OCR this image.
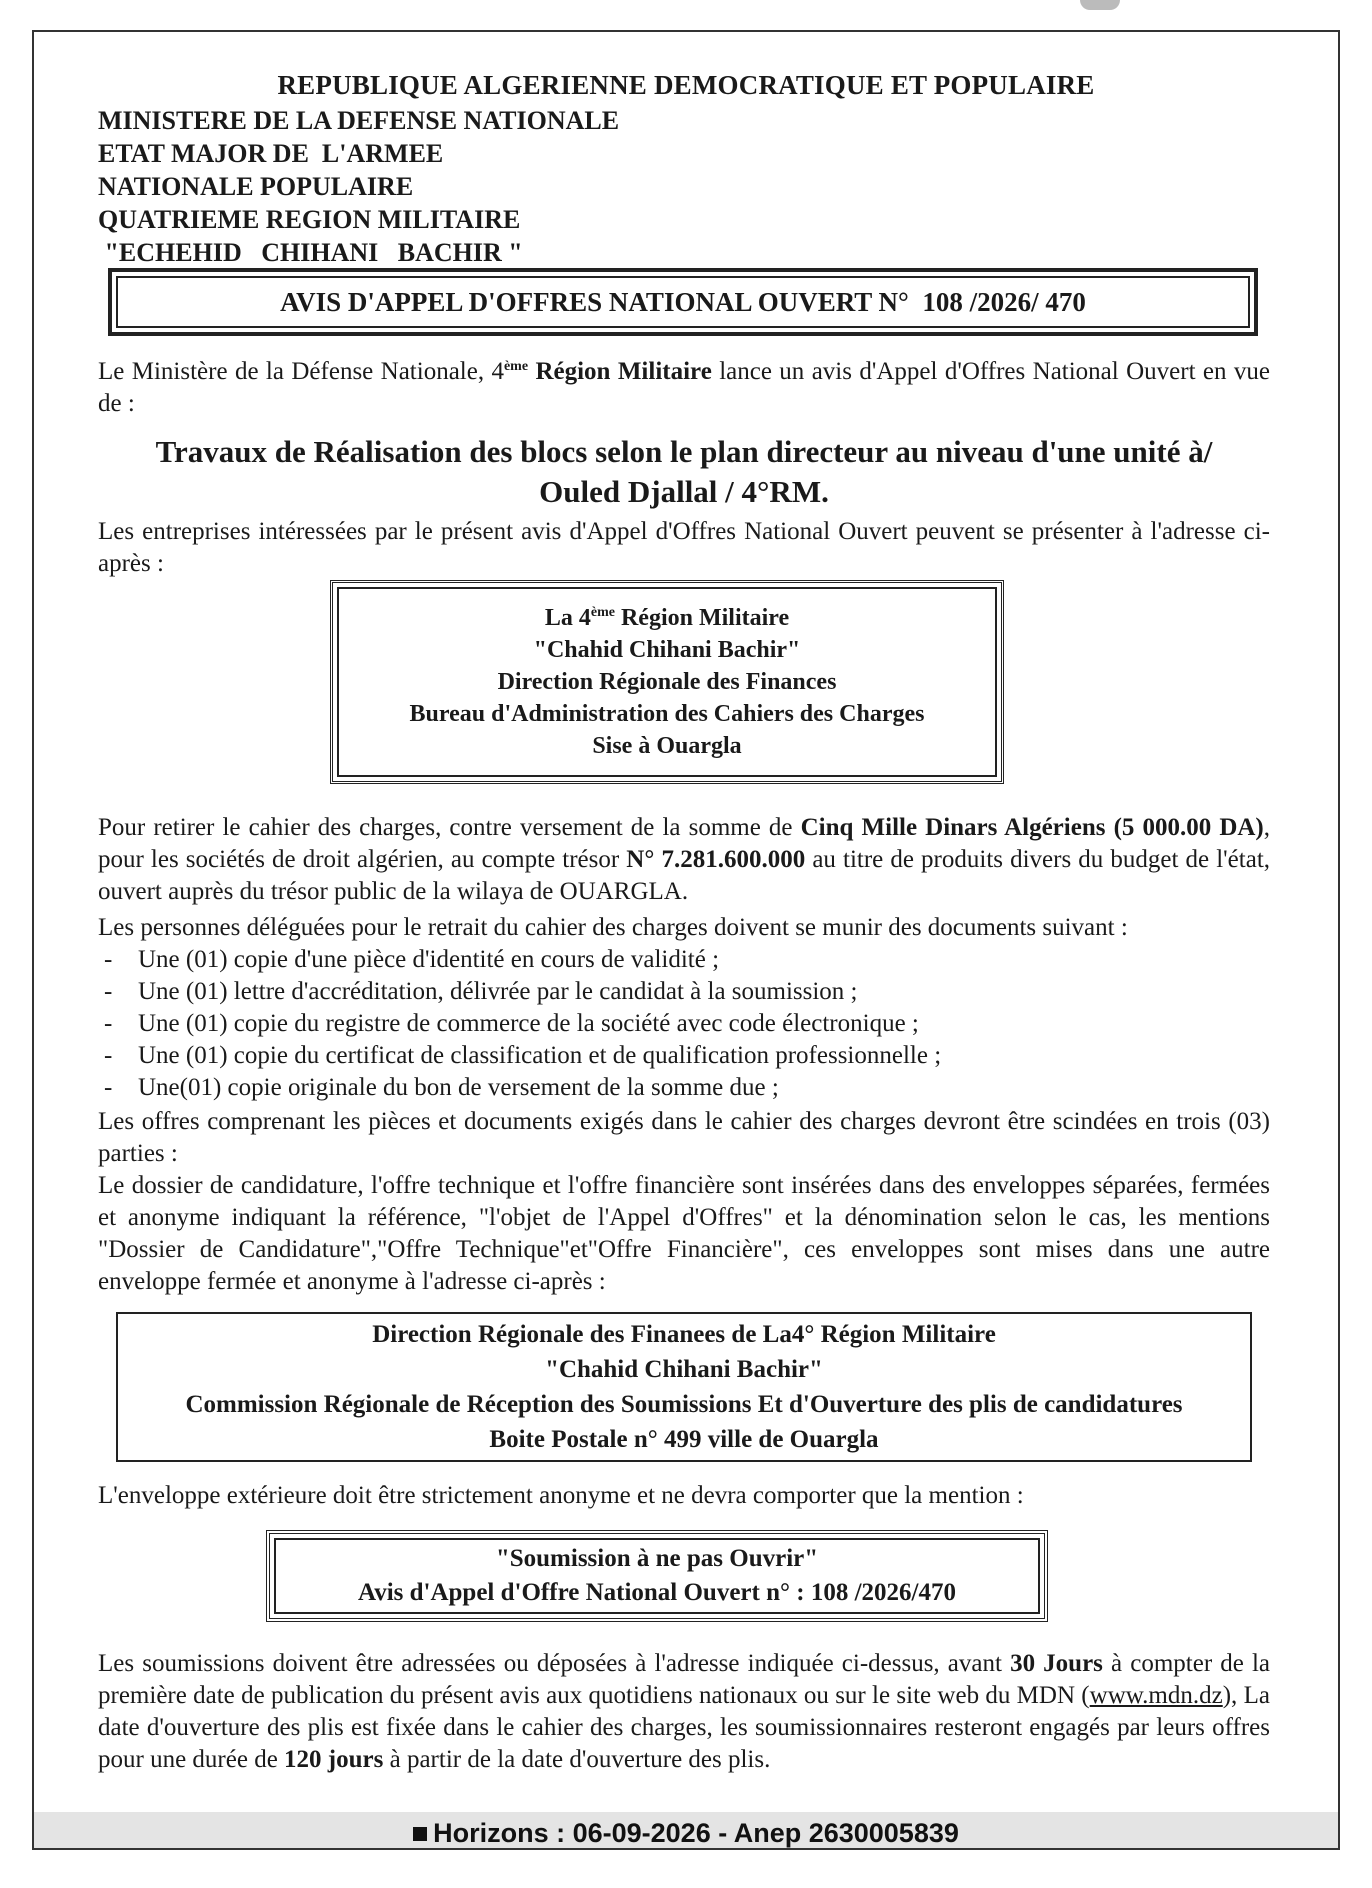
REPUBLIQUE ALGERIENNE DEMOCRATIQUE ET POPULAIRE
MINISTERE DE LA DEFENSE NATIONALE
ETAT MAJOR DE  L'ARMEE
NATIONALE POPULAIRE
QUATRIEME REGION MILITAIRE
"ECHEHID   CHIHANI   BACHIR "
AVIS D'APPEL D'OFFRES NATIONAL OUVERT N°
108 /2026/ 470
Le Ministère de la Défense Nationale, 4ème Région Militaire lance un avis d'Appel d'Offres National Ouvert en vue de :
Travaux de Réalisation des blocs selon le plan directeur au niveau d'une unité à/
Ouled Djallal / 4°RM.
Les entreprises intéressées par le présent avis d'Appel d'Offres National Ouvert peuvent se présenter à l'adresse ci-après :
La 4ème Région Militaire
"Chahid Chihani Bachir"
Direction Régionale des Finances
Bureau d'Administration des Cahiers des Charges
Sise à Ouargla
Pour retirer le cahier des charges, contre versement de la somme de Cinq Mille Dinars Algériens (5 000.00 DA), pour les sociétés de droit algérien, au compte trésor N° 7.281.600.000 au titre de produits divers du budget de l'état, ouvert auprès du trésor public de la wilaya de OUARGLA.
Les personnes déléguées pour le retrait du cahier des charges doivent se munir des documents suivant :
- Une (01) copie d'une pièce d'identité en cours de validité ;
- Une (01) lettre d'accréditation, délivrée par le candidat à la soumission ;
- Une (01) copie du registre de commerce de la société avec code électronique ;
- Une (01) copie du certificat de classification et de qualification professionnelle ;
- Une(01) copie originale du bon de versement de la somme due ;
Les offres comprenant les pièces et documents exigés dans le cahier des charges devront être scindées en trois (03) parties :
Le dossier de candidature, l'offre technique et l'offre financière sont insérées dans des enveloppes séparées, fermées et anonyme indiquant la référence, "l'objet de l'Appel d'Offres" et la dénomination selon le cas, les mentions "Dossier de Candidature","Offre Technique"et"Offre Financière", ces enveloppes sont mises dans une autre enveloppe fermée et anonyme à l'adresse ci-après :
Direction Régionale des Finanees de La4° Région Militaire
"Chahid Chihani Bachir"
Commission Régionale de Réception des Soumissions Et d'Ouverture des plis de candidatures
Boite Postale n° 499 ville de Ouargla
L'enveloppe extérieure doit être strictement anonyme et ne devra comporter que la mention :
"Soumission à ne pas Ouvrir"
Avis d'Appel d'Offre National Ouvert n° : 108 /2026/470
Les soumissions doivent être adressées ou déposées à l'adresse indiquée ci-dessus, avant 30 Jours à compter de la première date de publication du présent avis aux quotidiens nationaux ou sur le site web du MDN (www.mdn.dz), La date d'ouverture des plis est fixée dans le cahier des charges, les soumissionnaires resteront engagés par leurs offres pour une durée de 120 jours à partir de la date d'ouverture des plis.
Horizons : 06-09-2026 - Anep 2630005839
